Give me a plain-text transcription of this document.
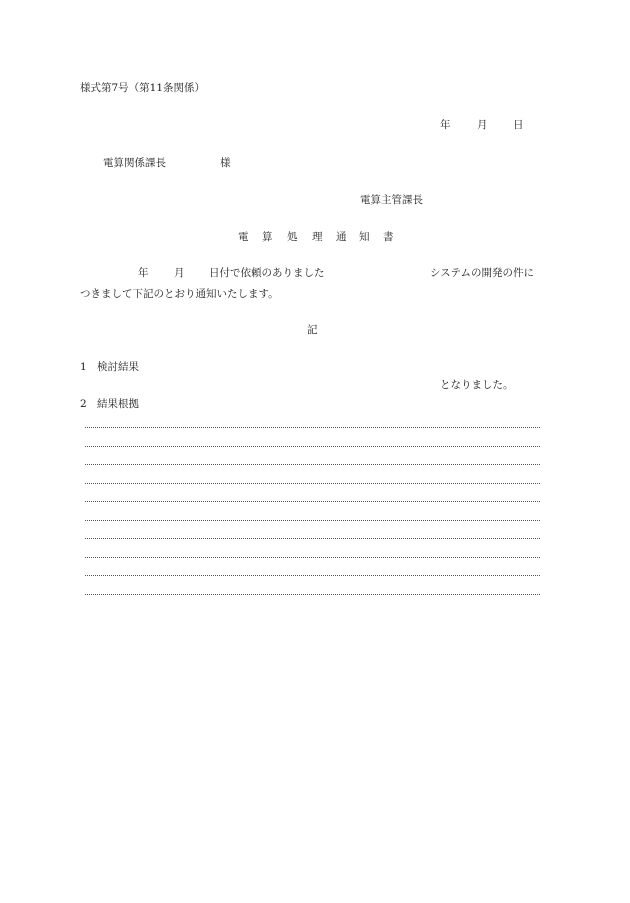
様式第7号（第11条関係）
年	月 日
電算関係課長	様
電算主管課長
電 算 処 理 通 知 書
年 月 日付で依頼のありました	システムの開発の件に
つきまして下記のとおり通知いたします。
記
1 検討結果
となりました。
2 結果根拠
